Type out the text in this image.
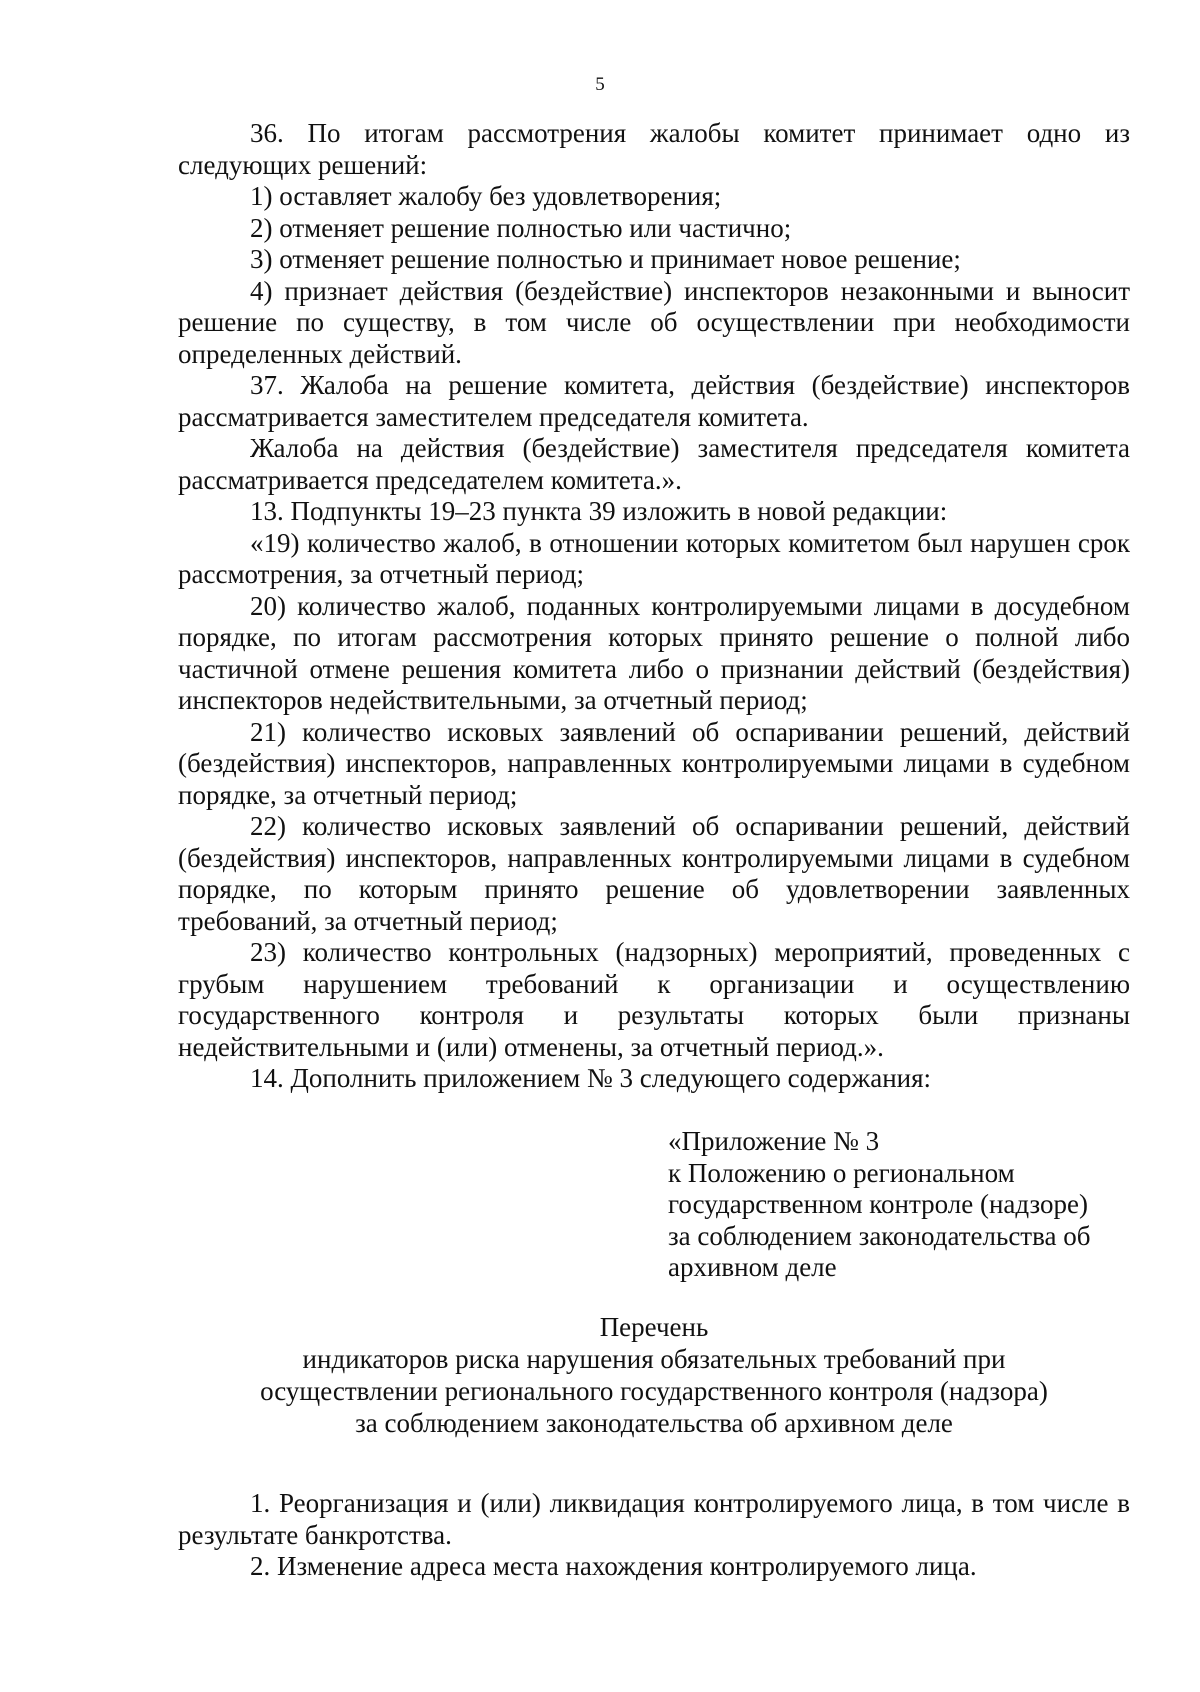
5

36. По итогам рассмотрения жалобы комитет принимает одно из следующих решений:

1) оставляет жалобу без удовлетворения;

2) отменяет решение полностью или частично;

3) отменяет решение полностью и принимает новое решение;

4) признает действия (бездействие) инспекторов незаконными и выносит решение по существу, в том числе об осуществлении при необходимости определенных действий.

37. Жалоба на решение комитета, действия (бездействие) инспекторов рассматривается заместителем председателя комитета.

Жалоба на действия (бездействие) заместителя председателя комитета рассматривается председателем комитета.».

13. Подпункты 19–23 пункта 39 изложить в новой редакции:

«19) количество жалоб, в отношении которых комитетом был нарушен срок рассмотрения, за отчетный период;

20) количество жалоб, поданных контролируемыми лицами в досудебном порядке, по итогам рассмотрения которых принято решение о полной либо частичной отмене решения комитета либо о признании действий (бездействия) инспекторов недействительными, за отчетный период;

21) количество исковых заявлений об оспаривании решений, действий (бездействия) инспекторов, направленных контролируемыми лицами в судебном порядке, за отчетный период;

22) количество исковых заявлений об оспаривании решений, действий (бездействия) инспекторов, направленных контролируемыми лицами в судебном порядке, по которым принято решение об удовлетворении заявленных требований, за отчетный период;

23) количество контрольных (надзорных) мероприятий, проведенных с грубым нарушением требований к организации и осуществлению государственного контроля и результаты которых были признаны недействительными и (или) отменены, за отчетный период.».

14. Дополнить приложением № 3 следующего содержания:

«Приложение № 3
к Положению о региональном
государственном контроле (надзоре)
за соблюдением законодательства об
архивном деле
Перечень
индикаторов риска нарушения обязательных требований при
осуществлении регионального государственного контроля (надзора)
за соблюдением законодательства об архивном деле

1. Реорганизация и (или) ликвидация контролируемого лица, в том числе в результате банкротства.

2. Изменение адреса места нахождения контролируемого лица.
